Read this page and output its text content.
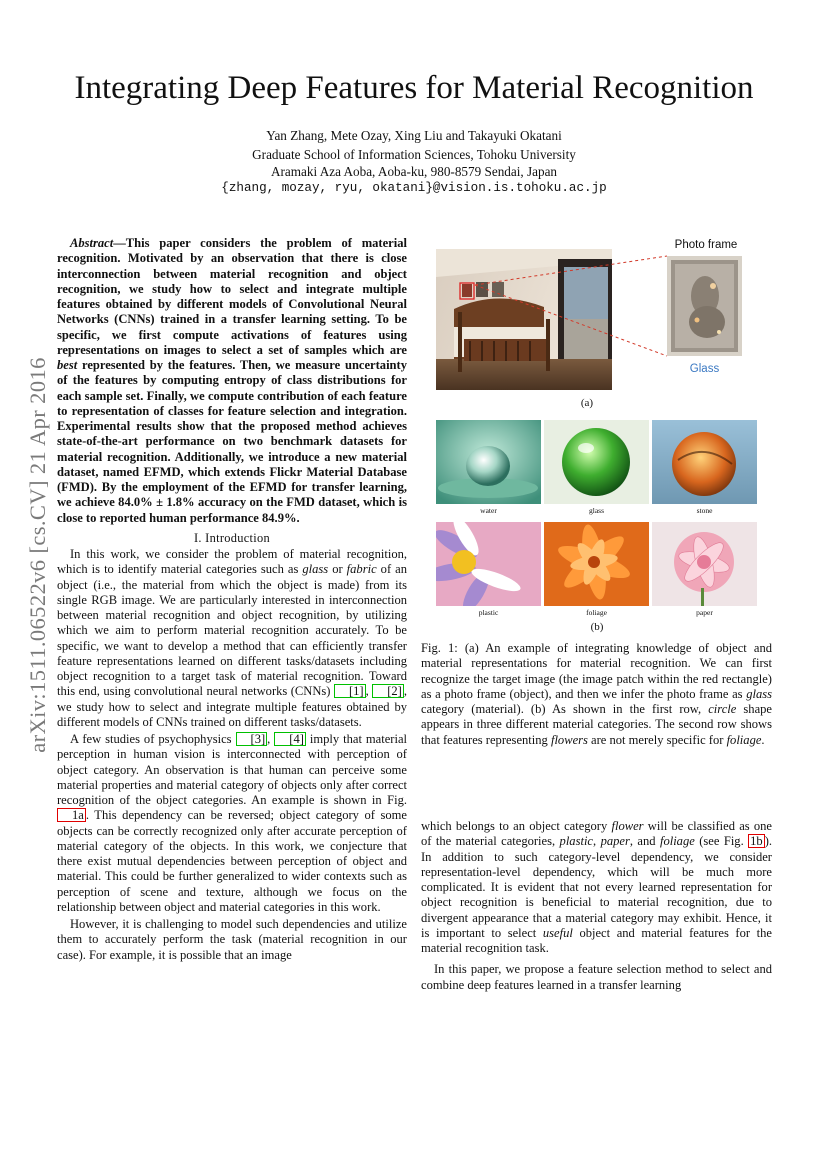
arXiv:1511.06522v6 [cs.CV] 21 Apr 2016
Integrating Deep Features for Material Recognition
Yan Zhang, Mete Ozay, Xing Liu and Takayuki Okatani
Graduate School of Information Sciences, Tohoku University
Aramaki Aza Aoba, Aoba-ku, 980-8579 Sendai, Japan
{zhang, mozay, ryu, okatani}@vision.is.tohoku.ac.jp

Abstract—This paper considers the problem of material recognition. Motivated by an observation that there is close interconnection between material recognition and object recognition, we study how to select and integrate multiple features obtained by different models of Convolutional Neural Networks (CNNs) trained in a transfer learning setting. To be specific, we first compute activations of features using representations on images to select a set of samples which are best represented by the features. Then, we measure uncertainty of the features by computing entropy of class distributions for each sample set. Finally, we compute contribution of each feature to representation of classes for feature selection and integration. Experimental results show that the proposed method achieves state-of-the-art performance on two benchmark datasets for material recognition. Additionally, we introduce a new material dataset, named EFMD, which extends Flickr Material Database (FMD). By the employment of the EFMD for transfer learning, we achieve 84.0% ± 1.8% accuracy on the FMD dataset, which is close to reported human performance 84.9%.

I. Introduction

In this work, we consider the problem of material recognition, which is to identify material categories such as glass or fabric of an object (i.e., the material from which the object is made) from its single RGB image. We are particularly interested in interconnection between material recognition and object recognition, by utilizing which we aim to perform material recognition accurately. To be specific, we want to develop a method that can efficiently transfer feature representations learned on different tasks/datasets including object recognition to a target task of material recognition. Toward this end, using convolutional neural networks (CNNs) [1] , [2] , we study how to select and integrate multiple features obtained by different models of CNNs trained on different tasks/datasets.

A few studies of psychophysics [3] , [4] imply that material perception in human vision is interconnected with perception of object category. An observation is that human can perceive some material properties and material category of objects only after correct recognition of the object categories. An example is shown in Fig. 1a . This dependency can be reversed; object category of some objects can be correctly recognized only after accurate perception of material category of the objects. In this work, we conjecture that there exist mutual dependencies between perception of object and material. This could be further generalized to wider contexts such as perception of scene and texture, although we focus on the relationship between object and material categories in this work.

However, it is challenging to model such dependencies and utilize them to accurately perform the task (material recognition in our case). For example, it is possible that an image

Photo frame
Glass
(a)
water	glass	stone
plastic	foliage	paper
(b)
Fig. 1: (a) An example of integrating knowledge of object and material representations for material recognition. We can first recognize the target image (the image patch within the red rectangle) as a photo frame (object), and then we infer the photo frame as glass category (material). (b) As shown in the first row, circle shape appears in three different material categories. The second row shows that features representing flowers are not merely specific for foliage.

which belongs to an object category flower will be classified as one of the material categories, plastic, paper, and foliage (see Fig. 1b ). In addition to such category-level dependency, we consider representation-level dependency, which will be much more complicated. It is evident that not every learned representation for object recognition is beneficial to material recognition, due to divergent appearance that a material category may exhibit. Hence, it is important to select useful object and material features for the material recognition task.

In this paper, we propose a feature selection method to select and combine deep features learned in a transfer learning
